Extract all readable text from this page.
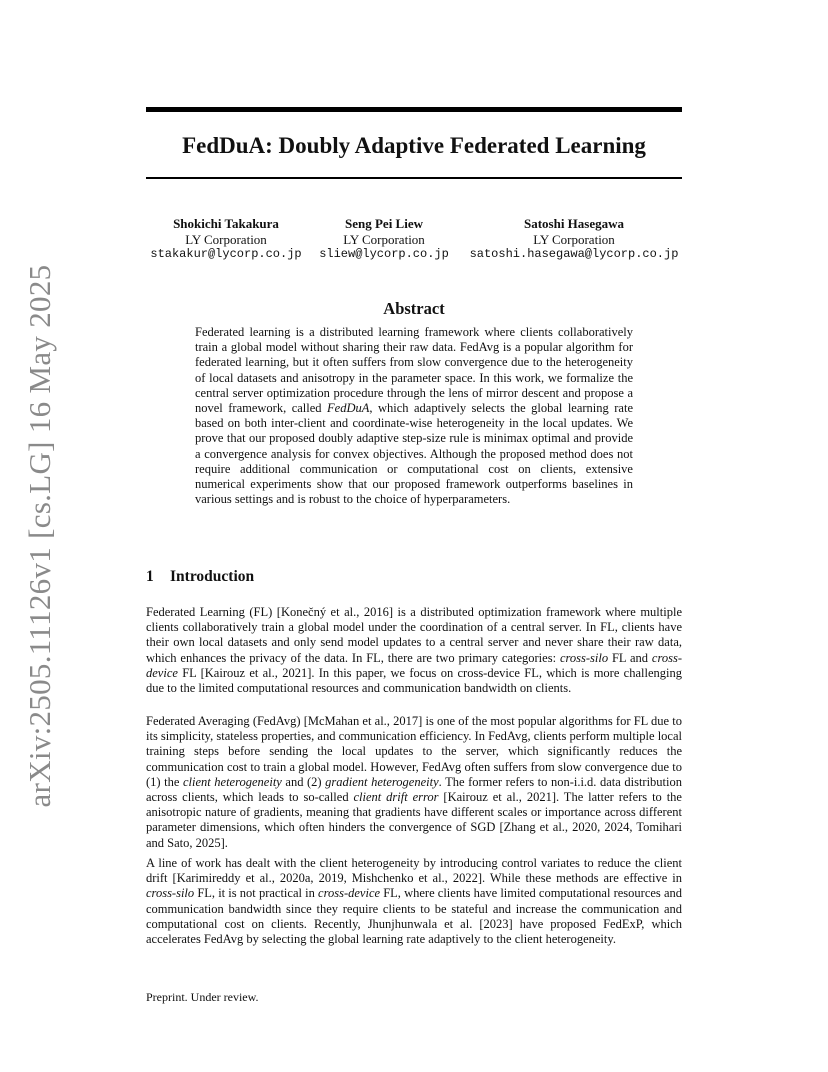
arXiv:2505.11126v1 [cs.LG] 16 May 2025
FedDuA: Doubly Adaptive Federated Learning
Shokichi Takakura
LY Corporation
stakakur@lycorp.co.jp
Seng Pei Liew
LY Corporation
sliew@lycorp.co.jp
Satoshi Hasegawa
LY Corporation
satoshi.hasegawa@lycorp.co.jp
Abstract

Federated learning is a distributed learning framework where clients collaboratively train a global model without sharing their raw data. FedAvg is a popular algorithm for federated learning, but it often suffers from slow convergence due to the heterogeneity of local datasets and anisotropy in the parameter space. In this work, we formalize the central server optimization procedure through the lens of mirror descent and propose a novel framework, called FedDuA, which adaptively selects the global learning rate based on both inter-client and coordinate-wise heterogeneity in the local updates. We prove that our proposed doubly adaptive step-size rule is minimax optimal and provide a convergence analysis for convex objectives. Although the proposed method does not require additional communication or computational cost on clients, extensive numerical experiments show that our proposed framework outperforms baselines in various settings and is robust to the choice of hyperparameters.

1 Introduction

Federated Learning (FL) [Konečný et al., 2016] is a distributed optimization framework where multiple clients collaboratively train a global model under the coordination of a central server. In FL, clients have their own local datasets and only send model updates to a central server and never share their raw data, which enhances the privacy of the data. In FL, there are two primary categories: cross-silo FL and cross-device FL [Kairouz et al., 2021]. In this paper, we focus on cross-device FL, which is more challenging due to the limited computational resources and communication bandwidth on clients.

Federated Averaging (FedAvg) [McMahan et al., 2017] is one of the most popular algorithms for FL due to its simplicity, stateless properties, and communication efficiency. In FedAvg, clients perform multiple local training steps before sending the local updates to the server, which significantly reduces the communication cost to train a global model. However, FedAvg often suffers from slow convergence due to (1) the client heterogeneity and (2) gradient heterogeneity. The former refers to non-i.i.d. data distribution across clients, which leads to so-called client drift error [Kairouz et al., 2021]. The latter refers to the anisotropic nature of gradients, meaning that gradients have different scales or importance across different parameter dimensions, which often hinders the convergence of SGD [Zhang et al., 2020, 2024, Tomihari and Sato, 2025].

A line of work has dealt with the client heterogeneity by introducing control variates to reduce the client drift [Karimireddy et al., 2020a, 2019, Mishchenko et al., 2022]. While these methods are effective in cross-silo FL, it is not practical in cross-device FL, where clients have limited computational resources and communication bandwidth since they require clients to be stateful and increase the communication and computational cost on clients. Recently, Jhunjhunwala et al. [2023] have proposed FedExP, which accelerates FedAvg by selecting the global learning rate adaptively to the client heterogeneity.

Preprint. Under review.
